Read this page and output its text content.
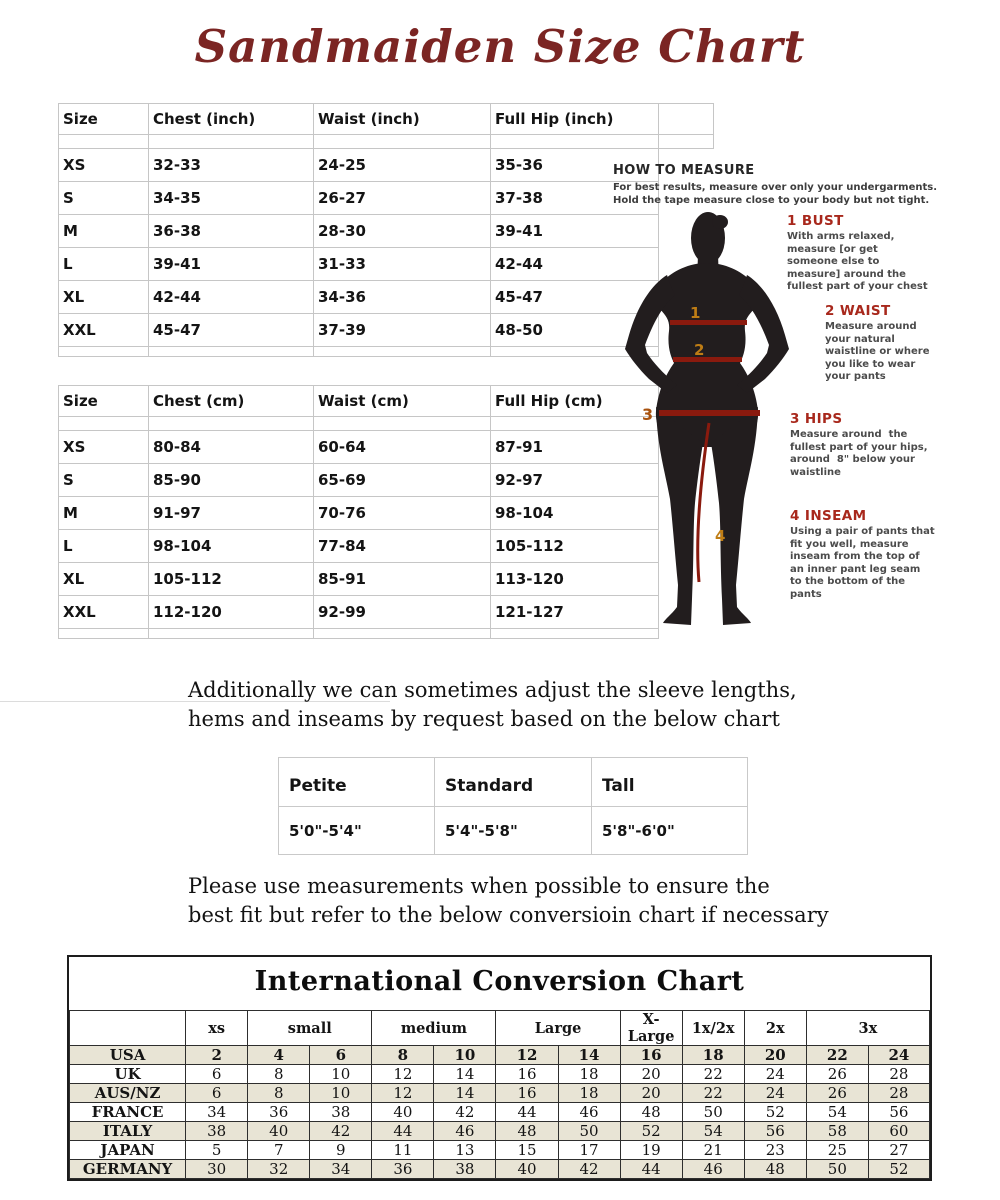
Sandmaiden Size Chart
Size	Chest (inch)	Waist (inch)	Full Hip (inch)	

XS	32-33	24-25	35-36	
S	34-35	26-27	37-38	
M	36-38	28-30	39-41	
L	39-41	31-33	42-44	
XL	42-44	34-36	45-47	
XXL	45-47	37-39	48-50	

Size	Chest (cm)	Waist (cm)	Full Hip (cm)	

XS	80-84	60-64	87-91	
S	85-90	65-69	92-97	
M	91-97	70-76	98-104	
L	98-104	77-84	105-112	
XL	105-112	85-91	113-120	
XXL	112-120	92-99	121-127	

HOW TO MEASURE
For best results, measure over only your undergarments.
Hold the tape measure close to your body but not tight.
1
2
3
4
1 BUST
With arms relaxed,
measure [or get
someone else to
measure] around the
fullest part of your chest
2 WAIST
Measure around
your natural
waistline or where
you like to wear
your pants
3 HIPS
Measure around  the
fullest part of your hips,
around  8" below your
waistline
4 INSEAM
Using a pair of pants that
fit you well, measure
inseam from the top of
an inner pant leg seam
to the bottom of the
pants
Additionally we can sometimes adjust the sleeve lengths,
hems and inseams by request based on the below chart
Petite	Standard	Tall
5'0"-5'4"	5'4"-5'8"	5'8"-6'0"
Please use measurements when possible to ensure the
best fit but refer to the below conversioin chart if necessary
International Conversion Chart
	xs	small		medium		Large		X-Large	1x/2x	2x	3x	
USA	2	4	6	8	10	12	14	16	18	20	22	24
UK	6	8	10	12	14	16	18	20	22	24	26	28
AUS/NZ	6	8	10	12	14	16	18	20	22	24	26	28
FRANCE	34	36	38	40	42	44	46	48	50	52	54	56
ITALY	38	40	42	44	46	48	50	52	54	56	58	60
JAPAN	5	7	9	11	13	15	17	19	21	23	25	27
GERMANY	30	32	34	36	38	40	42	44	46	48	50	52
